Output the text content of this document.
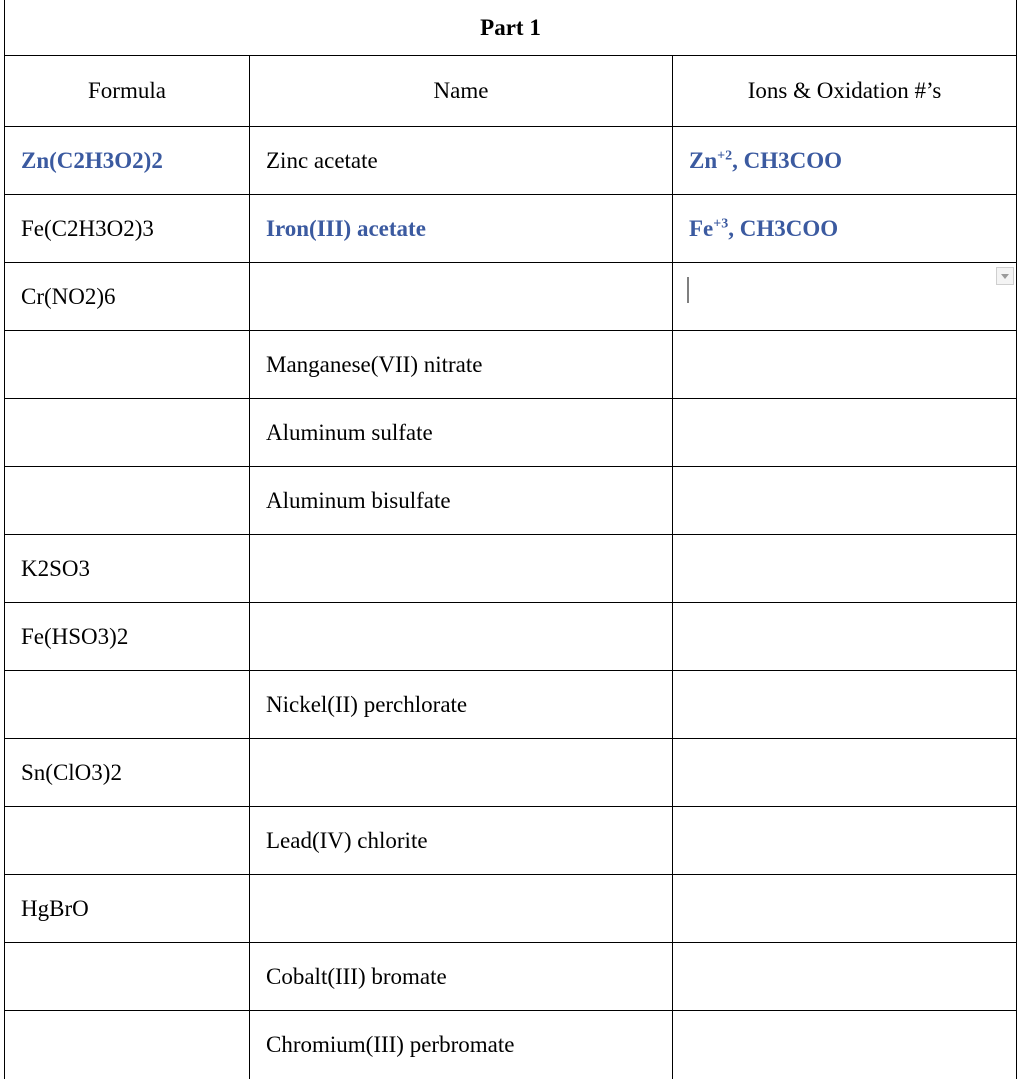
Part 1		
Formula	Name	Ions & Oxidation #’s
Zn(C2H3O2)2	Zinc acetate	$Zn^{+2}$, CH3COO
Fe(C2H3O2)3	Iron(III) acetate	$Fe^{+3}$, CH3COO
Cr(NO2)6		

	Manganese(VII) nitrate	
	Aluminum sulfate	
	Aluminum bisulfate	
K2SO3		
Fe(HSO3)2		
	Nickel(II) perchlorate	
Sn(ClO3)2		
	Lead(IV) chlorite	
HgBrO		
	Cobalt(III) bromate	
	Chromium(III) perbromate	
